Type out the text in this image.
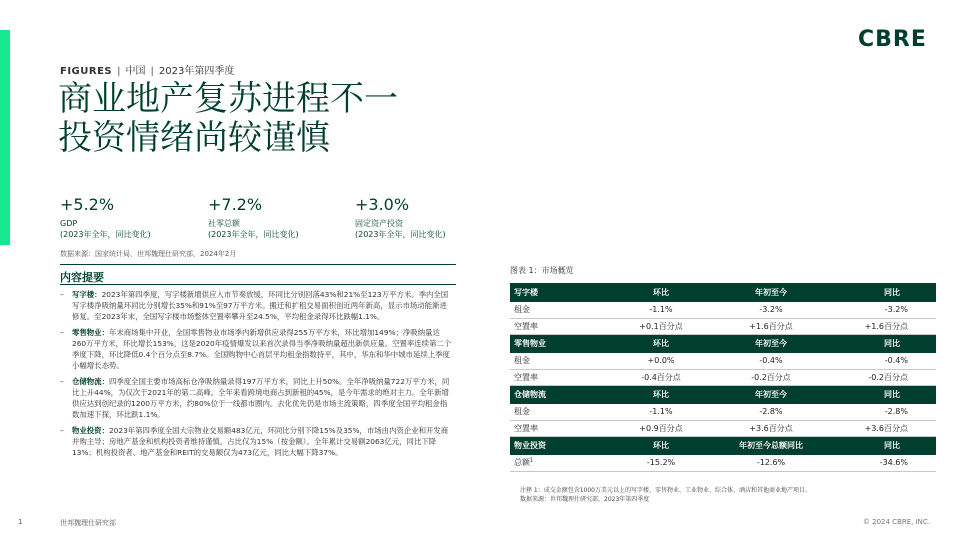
CBRE
FIGURES | 中国 | 2023年第四季度
商业地产复苏进程不一
投资情绪尚较谨慎
+5.2%
GDP
(2023年全年，同比变化)
+7.2%
社零总额
(2023年全年，同比变化)
+3.0%
固定资产投资
(2023年全年，同比变化)
数据来源：国家统计局，世邦魏理仕研究部，2024年2月
内容提要
– 写字楼：2023年第四季度，写字楼新增供应入市节奏放缓，环同比分别回落43%和21%至123万平方米。季内全国写字楼净吸纳量环同比分别增长35%和91%至97万平方米。搬迁和扩租交易面积创近两年新高，显示市场动能渐进修复。至2023年末，全国写字楼市场整体空置率攀升至24.5%，平均租金录得环比跌幅1.1%。
– 零售物业：年末商场集中开业，全国零售物业市场季内新增供应录得255万平方米，环比增加149%；净吸纳量达260万平方米，环比增长153%，这是2020年疫情爆发以来首次录得当季净吸纳量超出新供应量。空置率连续第二个季度下降，环比降低0.4个百分点至8.7%。全国购物中心首层平均租金指数持平，其中，华东和华中城市延续上季度小幅增长态势。
– 仓储物流：四季度全国主要市场高标仓净吸纳量录得197万平方米，同比上升50%。全年净吸纳量722万平方米，同比上升44%，为仅次于2021年的第二高峰。全年来看跨境电商占到新租的45%，是今年需求的绝对主力。全年新增供应达到创纪录的1200万平方米，约80%位于一线都市圈内。去化优先仍是市场主流策略，四季度全国平均租金指数加速下探，环比跌1.1%。
– 物业投资：2023年第四季度全国大宗物业交易额483亿元，环同比分别下降15%及35%，市场由内资企业和开发商并购主导；房地产基金和机构投资者维持谨慎，占比仅为15%（按金额）。全年累计交易额2063亿元，同比下降13%；机构投资者、地产基金和REIT的交易额仅为473亿元，同比大幅下降37%。
图表 1：市场概览
写字楼	环比	年初至今	同比
租金	-1.1%	-3.2%	-3.2%
空置率	+0.1百分点	+1.6百分点	+1.6百分点
零售物业	环比	年初至今	同比
租金	+0.0%	-0.4%	-0.4%
空置率	-0.4百分点	-0.2百分点	-0.2百分点
仓储物流	环比	年初至今	同比
租金	-1.1%	-2.8%	-2.8%
空置率	+0.9百分点	+3.6百分点	+3.6百分点
物业投资	环比	年初至今总额同比	同比
总额$^1$	-15.2%	-12.6%	-34.6%
注释 1：成交金额包含1000万美元以上的写字楼、零售物业、工业物业、综合体、酒店和其他商业地产项目。
数据来源：世邦魏理仕研究部，2023年第四季度
1	世邦魏理仕研究部	© 2024 CBRE, INC.
